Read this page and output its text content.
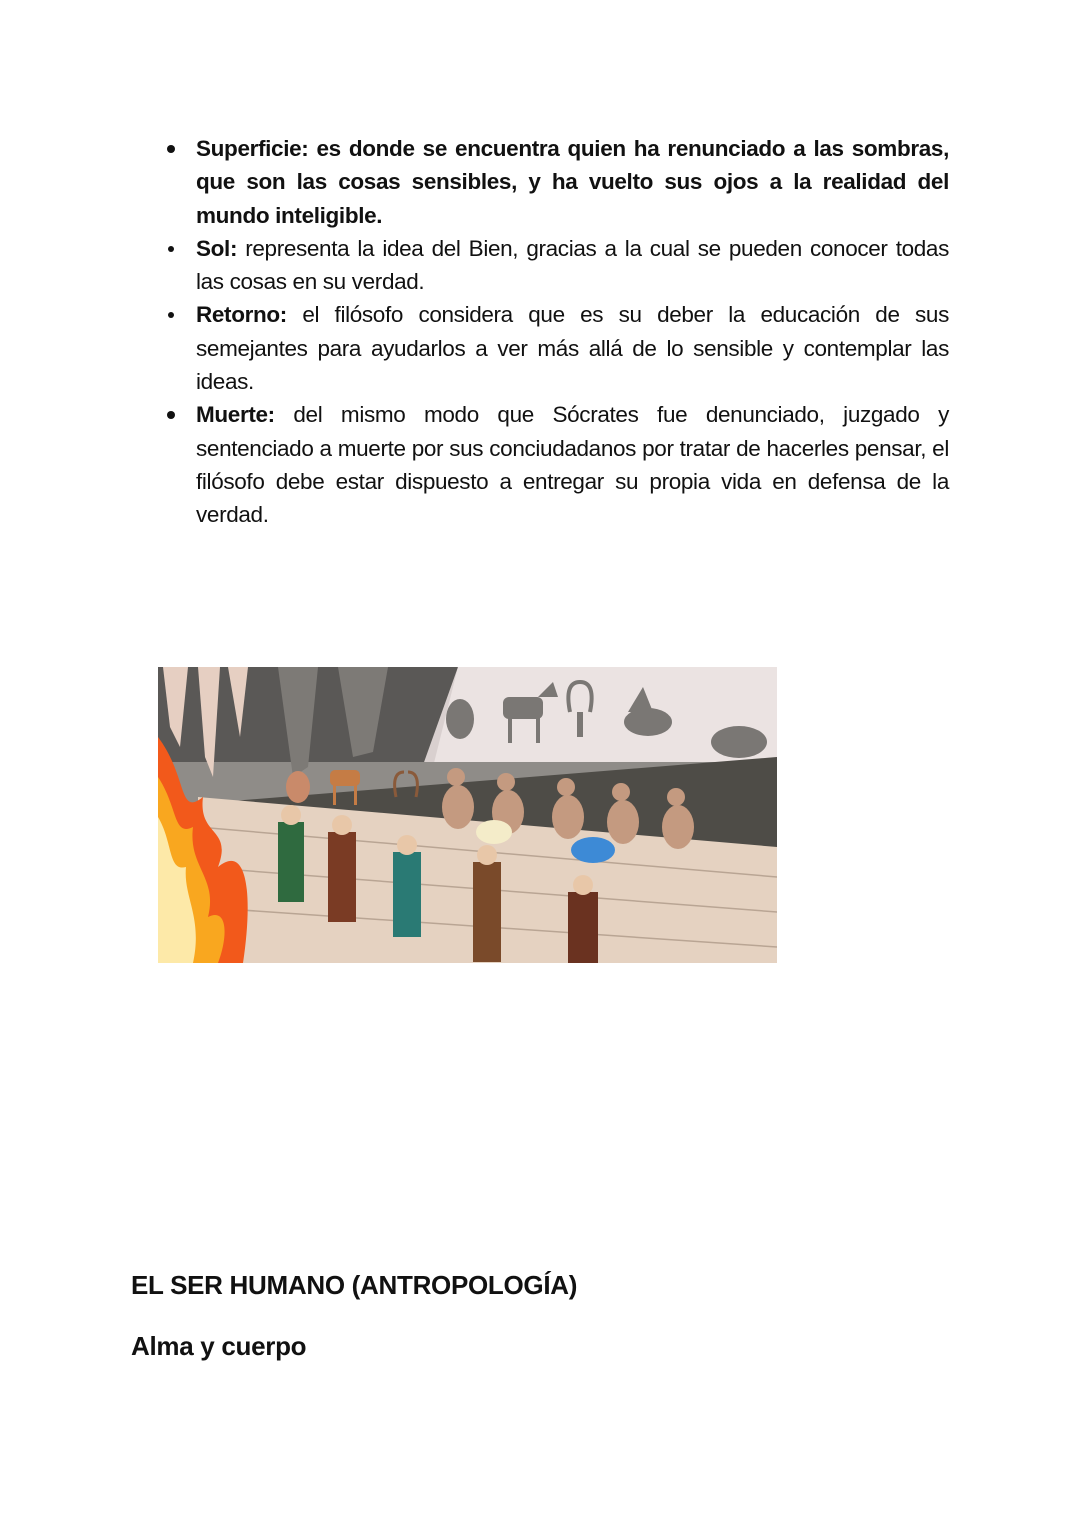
Superficie: es donde se encuentra quien ha renunciado a las sombras, que son las cosas sensibles, y ha vuelto sus ojos a la realidad del mundo inteligible.
Sol: representa la idea del Bien, gracias a la cual se pueden conocer todas las cosas en su verdad.
Retorno: el filósofo considera que es su deber la educación de sus semejantes para ayudarlos a ver más allá de lo sensible y contemplar las ideas.
Muerte: del mismo modo que Sócrates fue denunciado, juzgado y sentenciado a muerte por sus conciudadanos por tratar de hacerles pensar, el filósofo debe estar dispuesto a entregar su propia vida en defensa de la verdad.
EL SER HUMANO (ANTROPOLOGÍA)
Alma y cuerpo
